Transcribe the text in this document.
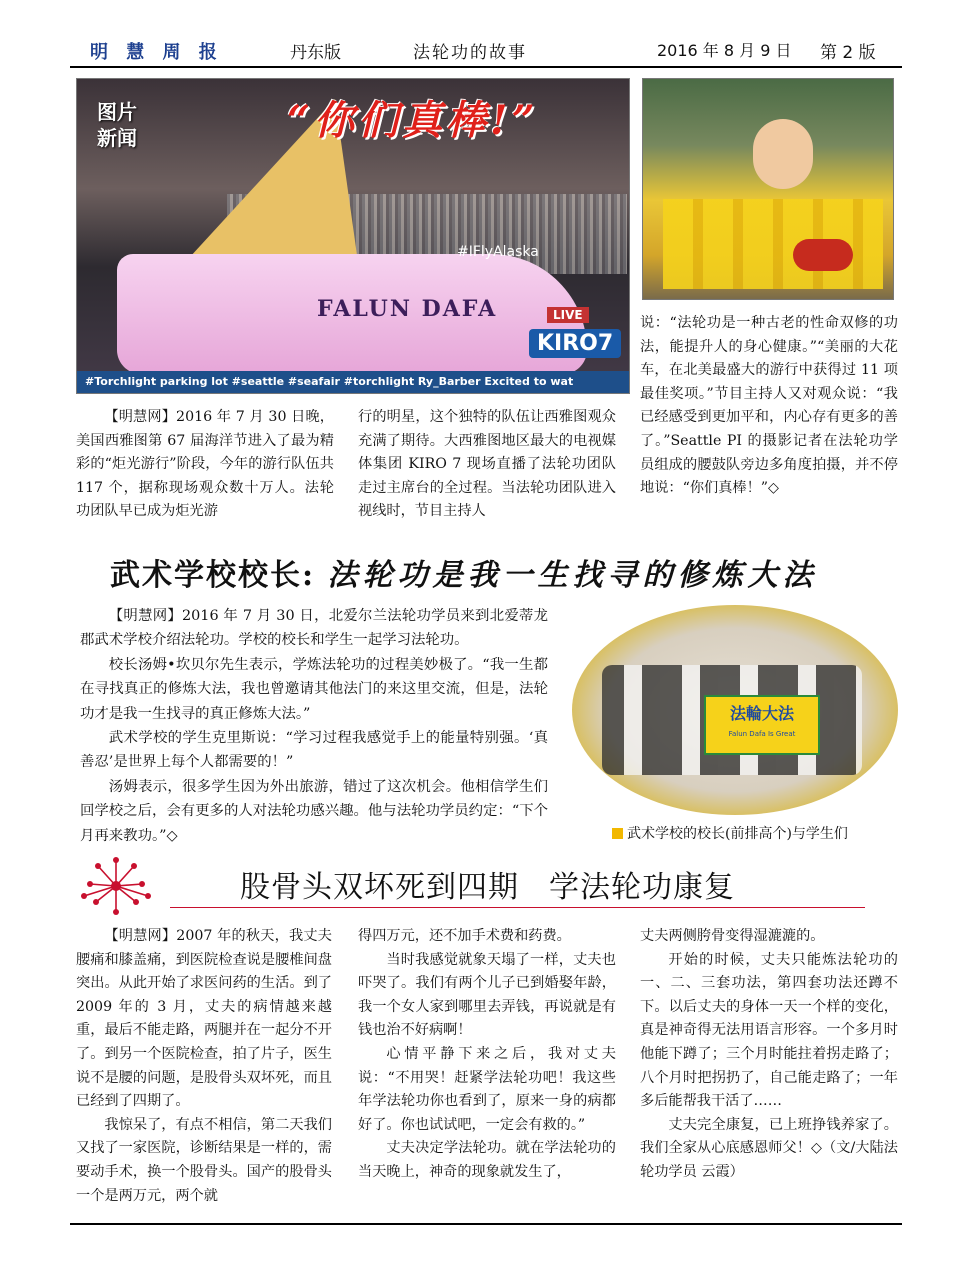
明 慧 周 报	丹东版	法轮功的故事	2016 年 8 月 9 日 第 2 版
FALUN DAFA
#IFlyAlaska
图片
新闻	“你们真棒!”
LIVE
KIRO7
#Torchlight parking lot #seattle #seafair #torchlight Ry_Barber Excited to wat

【明慧网】2016 年 7 月 30 日晚，美国西雅图第 67 届海洋节进入了最为精彩的“炬光游行”阶段，今年的游行队伍共 117 个，据称现场观众数十万人。法轮功团队早已成为炬光游

行的明星，这个独特的队伍让西雅图观众充满了期待。大西雅图地区最大的电视媒体集团 KIRO 7 现场直播了法轮功团队走过主席台的全过程。当法轮功团队进入视线时，节目主持人

说：“法轮功是一种古老的性命双修的功法，能提升人的身心健康。”“美丽的大花车，在北美最盛大的游行中获得过 11 项最佳奖项。”节目主持人又对观众说：“我已经感受到更加平和，内心存有更多的善了。”Seattle PI 的摄影记者在法轮功学员组成的腰鼓队旁边多角度拍摄，并不停地说：“你们真棒！”◇

武术学校校长: 法轮功是我一生找寻的修炼大法

【明慧网】2016 年 7 月 30 日，北爱尔兰法轮功学员来到北爱蒂龙郡武术学校介绍法轮功。学校的校长和学生一起学习法轮功。

校长汤姆•坎贝尔先生表示，学炼法轮功的过程美妙极了。“我一生都在寻找真正的修炼大法，我也曾邀请其他法门的来这里交流，但是，法轮功才是我一生找寻的真正修炼大法。”

武术学校的学生克里斯说：“学习过程我感觉手上的能量特别强。‘真善忍’是世界上每个人都需要的！”

汤姆表示，很多学生因为外出旅游，错过了这次机会。他相信学生们回学校之后，会有更多的人对法轮功感兴趣。他与法轮功学员约定：“下个月再来教功。”◇

法輪大法
Falun Dafa Is Great
武术学校的校长(前排高个)与学生们
股骨头双坏死到四期 学法轮功康复

【明慧网】2007 年的秋天，我丈夫腰痛和膝盖痛，到医院检查说是腰椎间盘突出。从此开始了求医问药的生活。到了 2009 年的 3 月，丈夫的病情越来越重，最后不能走路，两腿并在一起分不开了。到另一个医院检查，拍了片子，医生说不是腰的问题，是股骨头双坏死，而且已经到了四期了。

我惊呆了，有点不相信，第二天我们又找了一家医院，诊断结果是一样的，需要动手术，换一个股骨头。国产的股骨头一个是两万元，两个就

得四万元，还不加手术费和药费。

当时我感觉就象天塌了一样，丈夫也吓哭了。我们有两个儿子已到婚娶年龄，我一个女人家到哪里去弄钱，再说就是有钱也治不好病啊！

心情平静下来之后，我对丈夫说：“不用哭！赶紧学法轮功吧！我这些年学法轮功你也看到了，原来一身的病都好了。你也试试吧，一定会有救的。”

丈夫决定学法轮功。就在学法轮功的当天晚上，神奇的现象就发生了，

丈夫两侧胯骨变得湿漉漉的。

开始的时候，丈夫只能炼法轮功的一、二、三套功法，第四套功法还蹲不下。以后丈夫的身体一天一个样的变化，真是神奇得无法用语言形容。一个多月时他能下蹲了；三个月时能拄着拐走路了；八个月时把拐扔了，自己能走路了；一年多后能帮我干活了……

丈夫完全康复，已上班挣钱养家了。我们全家从心底感恩师父！◇（文/大陆法轮功学员 云霞）
